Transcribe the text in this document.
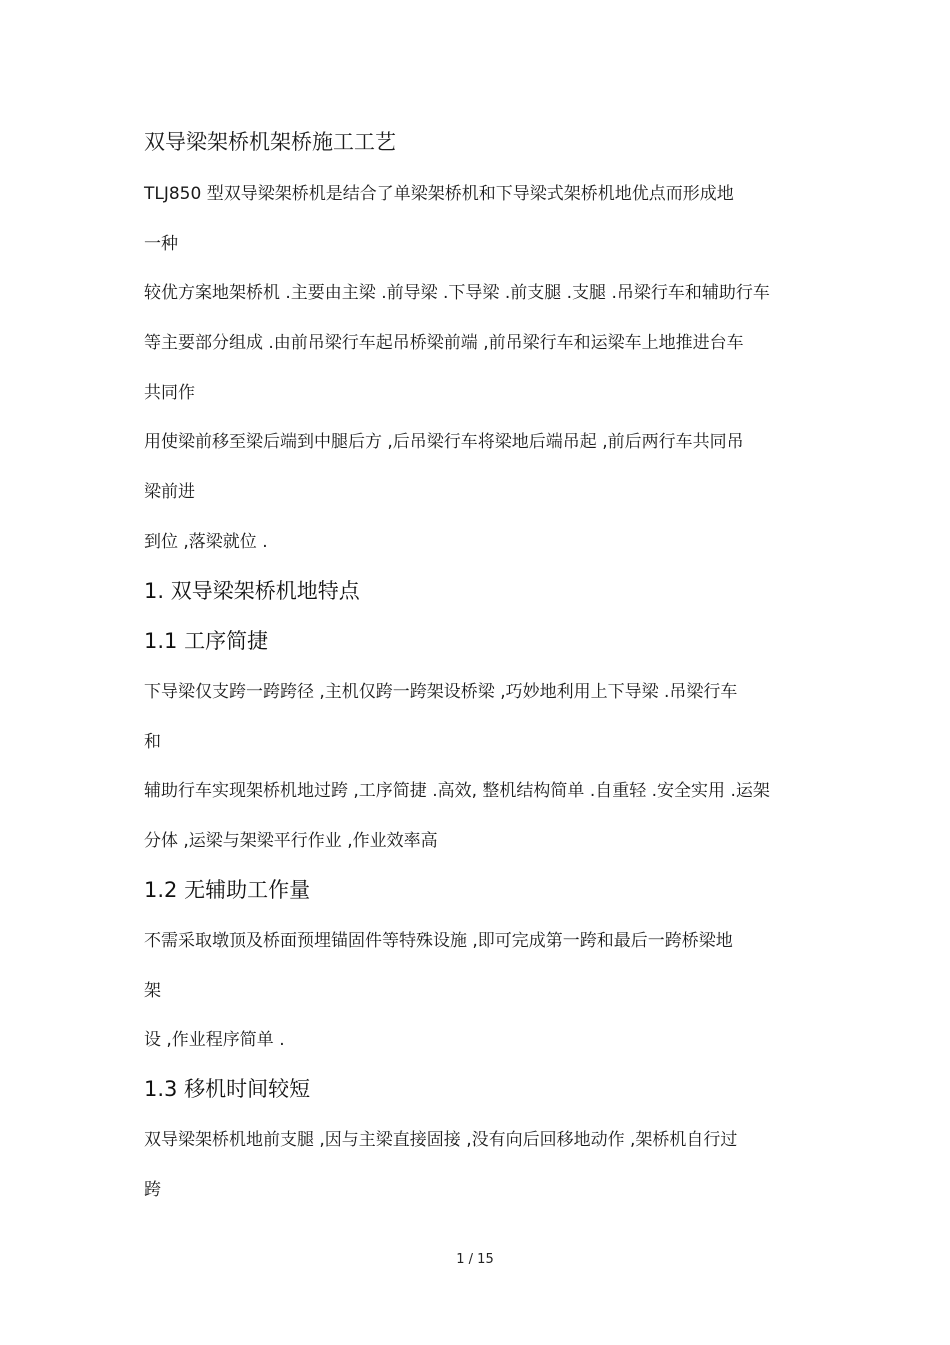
双导梁架桥机架桥施工工艺
TLJ850 型双导梁架桥机是结合了单梁架桥机和下导梁式架桥机地优点而形成地
一种
较优方案地架桥机 .主要由主梁 .前导梁 .下导梁 .前支腿 .支腿 .吊梁行车和辅助行车
等主要部分组成 .由前吊梁行车起吊桥梁前端 ,前吊梁行车和运梁车上地推进台车
共同作
用使梁前移至梁后端到中腿后方 ,后吊梁行车将梁地后端吊起 ,前后两行车共同吊
梁前进
到位 ,落梁就位 .
1. 双导梁架桥机地特点
1.1 工序简捷
下导梁仅支跨一跨跨径 ,主机仅跨一跨架设桥梁 ,巧妙地利用上下导梁 .吊梁行车
和
辅助行车实现架桥机地过跨 ,工序简捷 .高效, 整机结构简单 .自重轻 .安全实用 .运架
分体 ,运梁与架梁平行作业 ,作业效率高
1.2 无辅助工作量
不需采取墩顶及桥面预埋锚固件等特殊设施 ,即可完成第一跨和最后一跨桥梁地
架
设 ,作业程序简单 .
1.3 移机时间较短
双导梁架桥机地前支腿 ,因与主梁直接固接 ,没有向后回移地动作 ,架桥机自行过
跨
1 / 15
